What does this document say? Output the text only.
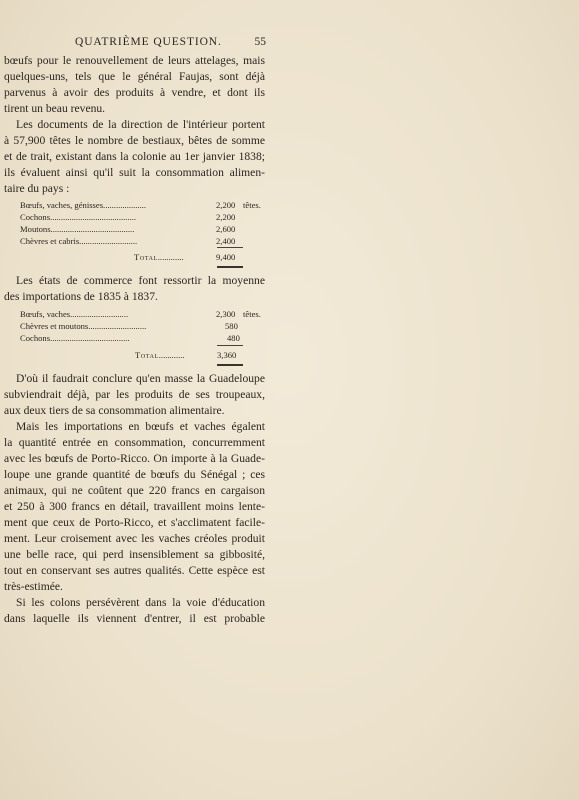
QUATRIÈME QUESTION.	55
bœufs pour le renouvellement de leurs attelages, mais
quelques-uns, tels que le général Faujas, sont déjà
parvenus à avoir des produits à vendre, et dont ils
tirent un beau revenu.
Les documents de la direction de l'intérieur portent
à 57,900 têtes le nombre de bestiaux, bêtes de somme
et de trait, existant dans la colonie au 1er janvier 1838;
ils évaluent ainsi qu'il suit la consommation alimen-
taire du pays :
Bœufs, vaches, génisses....................	2,200 têtes.
Cochons........................................	2,200
Moutons.......................................	2,600
Chèvres et cabris...........................	2,400
Total............	9,400
Les états de commerce font ressortir la moyenne
des importations de 1835 à 1837.
Bœufs, vaches...........................	2,300 têtes.
Chèvres et moutons...........................	580
Cochons.....................................	480
Total............	3,360
D'où il faudrait conclure qu'en masse la Guadeloupe
subviendrait déjà, par les produits de ses troupeaux,
aux deux tiers de sa consommation alimentaire.
Mais les importations en bœufs et vaches égalent
la quantité entrée en consommation, concurremment
avec les bœufs de Porto-Ricco. On importe à la Guade-
loupe une grande quantité de bœufs du Sénégal ; ces
animaux, qui ne coûtent que 220 francs en cargaison
et 250 à 300 francs en détail, travaillent moins lente-
ment que ceux de Porto-Ricco, et s'acclimatent facile-
ment. Leur croisement avec les vaches créoles produit
une belle race, qui perd insensiblement sa gibbosité,
tout en conservant ses autres qualités. Cette espèce est
très-estimée.
Si les colons persévèrent dans la voie d'éducation
dans laquelle ils viennent d'entrer, il est probable
